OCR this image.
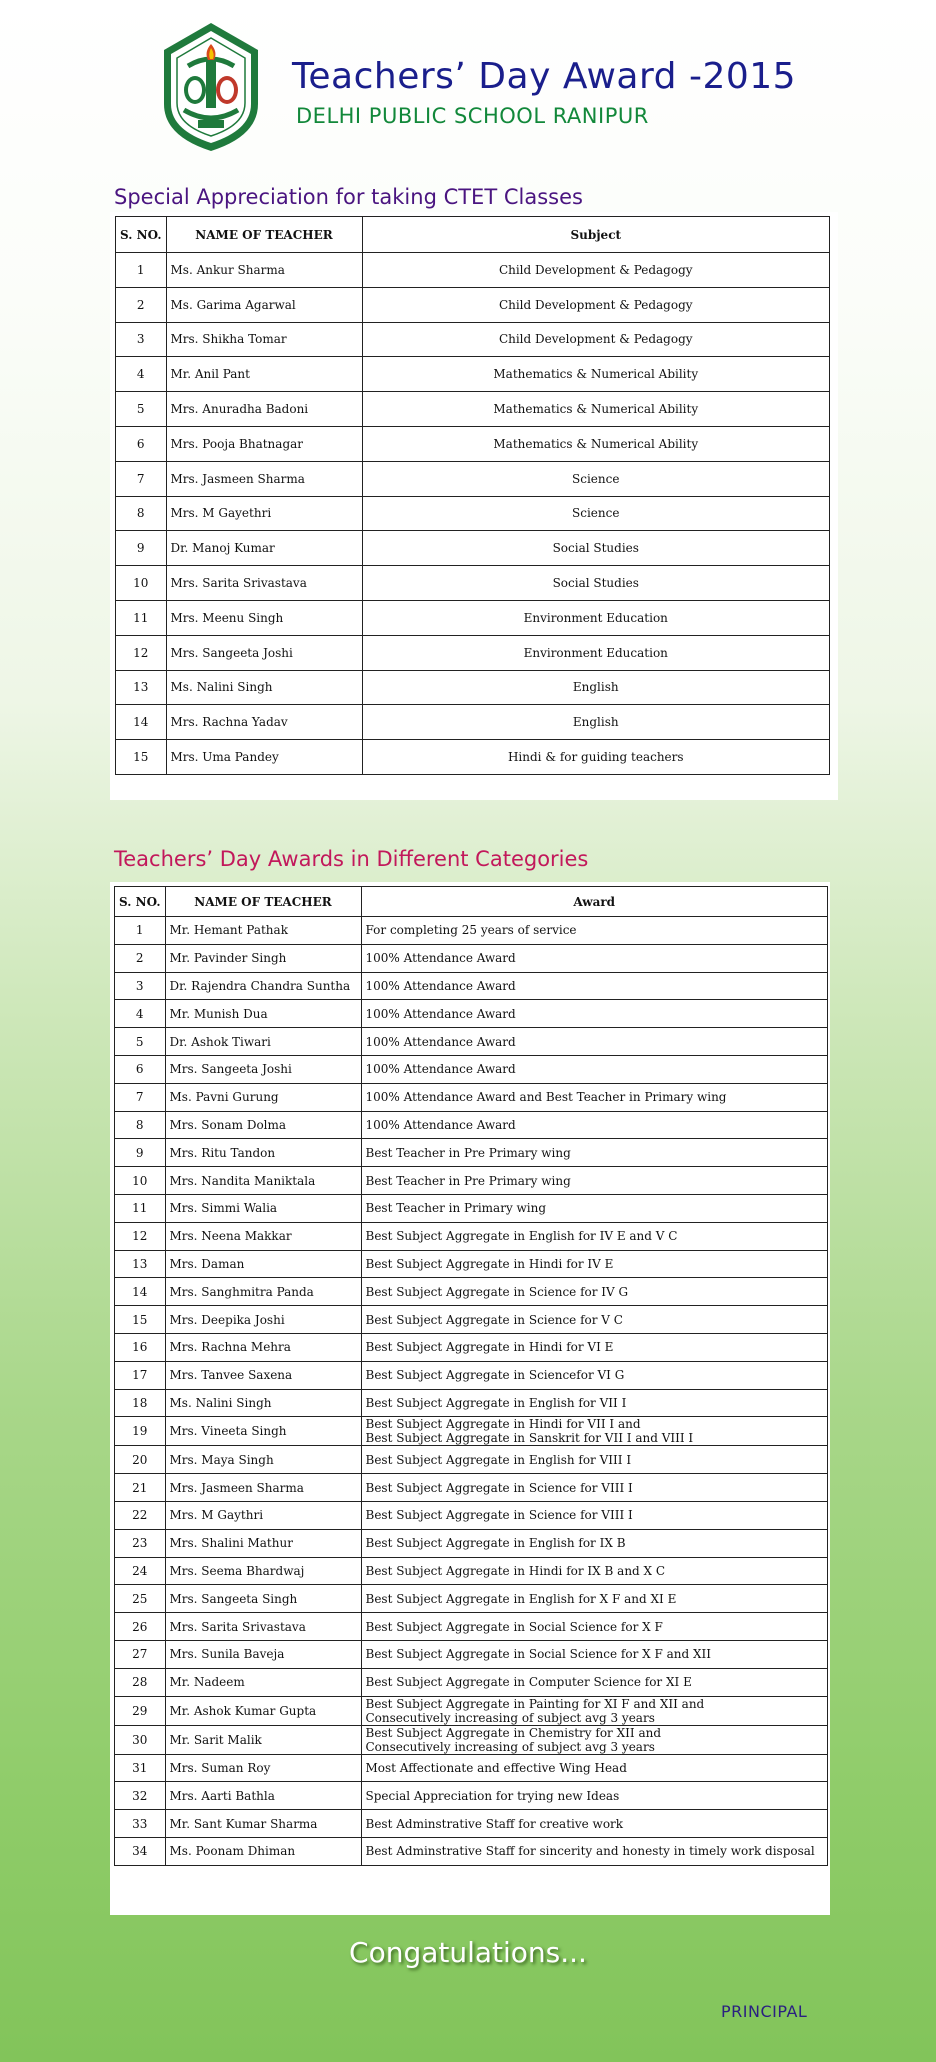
Teachers’ Day Award -2015
DELHI PUBLIC SCHOOL RANIPUR
Special Appreciation for taking CTET Classes
S. NO.	NAME OF TEACHER	Subject
1	Ms. Ankur Sharma	Child Development & Pedagogy
2	Ms. Garima Agarwal	Child Development & Pedagogy
3	Mrs. Shikha Tomar	Child Development & Pedagogy
4	Mr. Anil Pant	Mathematics & Numerical Ability
5	Mrs. Anuradha Badoni	Mathematics & Numerical Ability
6	Mrs. Pooja Bhatnagar	Mathematics & Numerical Ability
7	Mrs. Jasmeen Sharma	Science
8	Mrs. M Gayethri	Science
9	Dr. Manoj Kumar	Social Studies
10	Mrs. Sarita Srivastava	Social Studies
11	Mrs. Meenu Singh	Environment Education
12	Mrs. Sangeeta Joshi	Environment Education
13	Ms. Nalini Singh	English
14	Mrs. Rachna Yadav	English
15	Mrs. Uma Pandey	Hindi & for guiding teachers
Teachers’ Day Awards in Different Categories
S. NO.	NAME OF TEACHER	Award
1	Mr. Hemant Pathak	For completing 25 years of service
2	Mr. Pavinder Singh	100% Attendance Award
3	Dr. Rajendra Chandra Suntha	100% Attendance Award
4	Mr. Munish Dua	100% Attendance Award
5	Dr. Ashok Tiwari	100% Attendance Award
6	Mrs. Sangeeta Joshi	100% Attendance Award
7	Ms. Pavni Gurung	100% Attendance Award and Best Teacher in Primary wing
8	Mrs. Sonam Dolma	100% Attendance Award
9	Mrs. Ritu Tandon	Best Teacher in Pre Primary wing
10	Mrs. Nandita Maniktala	Best Teacher in Pre Primary wing
11	Mrs. Simmi Walia	Best Teacher in Primary wing
12	Mrs. Neena Makkar	Best Subject Aggregate in English for IV E and V C
13	Mrs. Daman	Best Subject Aggregate in Hindi for IV E
14	Mrs. Sanghmitra Panda	Best Subject Aggregate in Science for IV G
15	Mrs. Deepika Joshi	Best Subject Aggregate in Science for V C
16	Mrs. Rachna Mehra	Best Subject Aggregate in Hindi for VI E
17	Mrs. Tanvee Saxena	Best Subject Aggregate in Sciencefor VI G
18	Ms. Nalini Singh	Best Subject Aggregate in English for VII I
19	Mrs. Vineeta Singh	Best Subject Aggregate in Hindi for VII I and
Best Subject Aggregate in Sanskrit for VII I and VIII I

20	Mrs. Maya Singh	Best Subject Aggregate in English for VIII I
21	Mrs. Jasmeen Sharma	Best Subject Aggregate in Science for VIII I
22	Mrs. M Gaythri	Best Subject Aggregate in Science for VIII I
23	Mrs. Shalini Mathur	Best Subject Aggregate in English for IX B
24	Mrs. Seema Bhardwaj	Best Subject Aggregate in Hindi for IX B and X C
25	Mrs. Sangeeta Singh	Best Subject Aggregate in English for X F and XI E
26	Mrs. Sarita Srivastava	Best Subject Aggregate in Social Science for X F
27	Mrs. Sunila Baveja	Best Subject Aggregate in Social Science for X F and XII
28	Mr. Nadeem	Best Subject Aggregate in Computer Science for XI E
29	Mr. Ashok Kumar Gupta	Best Subject Aggregate in Painting for XI F and XII and
Consecutively increasing of subject avg 3 years

30	Mr. Sarit Malik	Best Subject Aggregate in Chemistry for XII and
Consecutively increasing of subject avg 3 years

31	Mrs. Suman Roy	Most Affectionate and effective Wing Head
32	Mrs. Aarti Bathla	Special Appreciation for trying new Ideas
33	Mr. Sant Kumar Sharma	Best Adminstrative Staff for creative work
34	Ms. Poonam Dhiman	Best Adminstrative Staff for sincerity and honesty in timely work disposal
Congatulations...
PRINCIPAL
